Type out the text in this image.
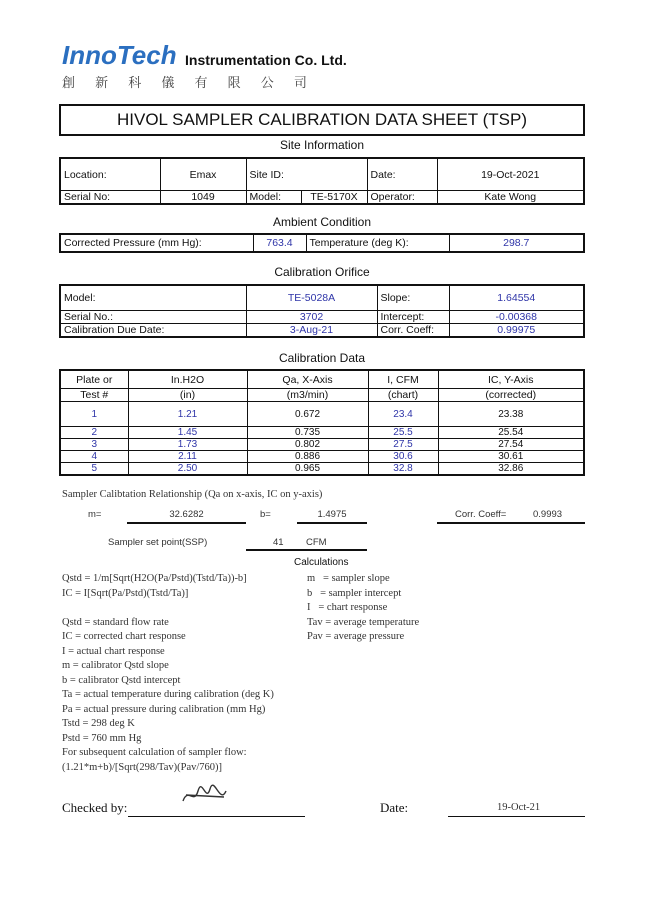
InnoTech Instrumentation Co. Ltd.
創 新 科 儀 有 限 公 司
HIVOL SAMPLER CALIBRATION DATA SHEET (TSP)
Site Information
Location:	Emax	Site ID:		Date:	19-Oct-2021
Serial No:	1049	Model:	TE-5170X	Operator:	Kate Wong
Ambient Condition
Corrected Pressure (mm Hg):	763.4	Temperature (deg K):	298.7
Calibration Orifice
Model:	TE-5028A	Slope:	1.64554
Serial No.:	3702	Intercept:	-0.00368
Calibration Due Date:	3-Aug-21	Corr. Coeff:	0.99975
Calibration Data
Plate or	In.H2O	Qa, X-Axis	I, CFM	IC, Y-Axis
Test #	(in)	(m3/min)	(chart)	(corrected)
1	1.21	0.672	23.4	23.38
2	1.45	0.735	25.5	25.54
3	1.73	0.802	27.5	27.54
4	2.11	0.886	30.6	30.61
5	2.50	0.965	32.8	32.86
Sampler Calibtation Relationship (Qa on x-axis, IC on y-axis)
m=	32.6282	b=	1.4975	Corr. Coeff=	0.9993
Sampler set point(SSP)	41 CFM
Calculations
Qstd = 1/m[Sqrt(H2O(Pa/Pstd)(Tstd/Ta))-b]
IC = I[Sqrt(Pa/Pstd)(Tstd/Ta)]
Qstd = standard flow rate
IC = corrected chart response
I = actual chart response
m = calibrator Qstd slope
b = calibrator Qstd intercept
Ta = actual temperature during calibration (deg K)
Pa = actual pressure during calibration (mm Hg)
Tstd = 298 deg K
Pstd = 760 mm Hg
For subsequent calculation of sampler flow:
(1.21*m+b)/[Sqrt(298/Tav)(Pav/760)]
m   = sampler slope
b   = sampler intercept
I   = chart response
Tav = average temperature
Pav = average pressure
Checked by:	Date:	19-Oct-21
